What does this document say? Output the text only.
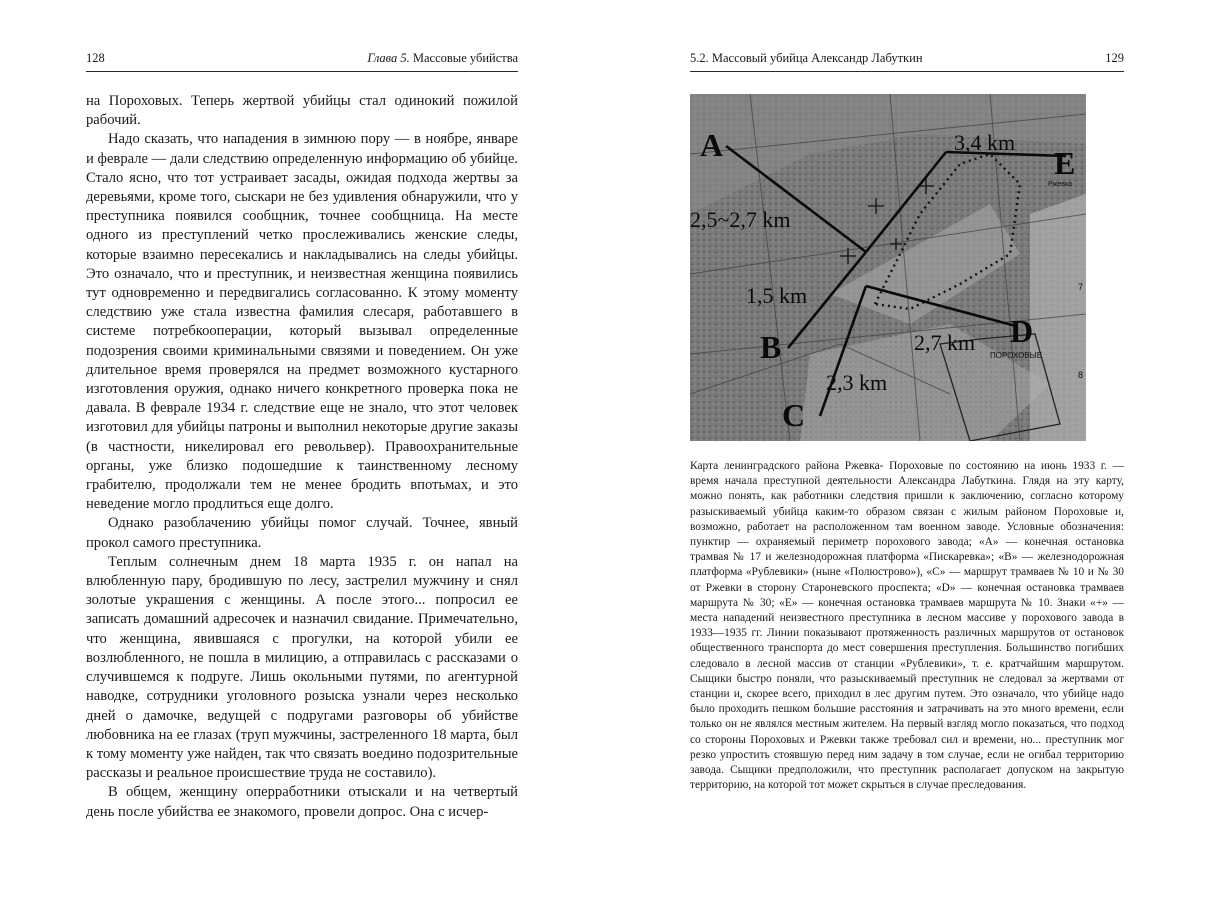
128	Глава 5. Массовые убийства

на Пороховых. Теперь жертвой убийцы стал одинокий пожилой рабочий.

Надо сказать, что нападения в зимнюю пору — в ноябре, январе и феврале — дали следствию определенную информацию об убийце. Стало ясно, что тот устраивает засады, ожидая подхода жертвы за деревьями, кроме того, сыскари не без удивления обнаружили, что у преступника появился сообщник, точнее сообщница. На месте одного из преступлений четко прослеживались женские следы, которые взаимно пересекались и накладывались на следы убийцы. Это означало, что и преступник, и неизвестная женщина появились тут одновременно и передвигались согласованно. К этому моменту следствию уже стала известна фамилия слесаря, работавшего в системе потребкооперации, который вызывал определенные подозрения своими криминальными связями и поведением. Он уже длительное время проверялся на предмет возможного кустарного изготовления оружия, однако ничего конкретного проверка пока не давала. В феврале 1934 г. следствие еще не знало, что этот человек изготовил для убийцы патроны и выполнил некоторые другие заказы (в частности, никелировал его револьвер). Правоохранительные органы, уже близко подошедшие к таинственному лесному грабителю, продолжали тем не менее бродить впотьмах, и это неведение могло продлиться еще долго.

Однако разоблачению убийцы помог случай. Точнее, явный прокол самого преступника.

Теплым солнечным днем 18 марта 1935 г. он напал на влюбленную пару, бродившую по лесу, застрелил мужчину и снял золотые украшения с женщины. А после этого... попросил ее записать домашний адресочек и назначил свидание. Примечательно, что женщина, явившаяся с прогулки, на которой убили ее возлюбленного, не пошла в милицию, а отправилась с рассказами о случившемся к подруге. Лишь окольными путями, по агентурной наводке, сотрудники уголовного розыска узнали через несколько дней о дамочке, ведущей с подругами разговоры об убийстве любовника на ее глазах (труп мужчины, застреленного 18 марта, был к тому моменту уже найден, так что связать воедино подозрительные рассказы и реальное происшествие труда не составило).

В общем, женщину оперработники отыскали и на четвертый день после убийства ее знакомого, провели допрос. Она с исчер-

5.2. Массовый убийца Александр Лабуткин	129
A
B
C
D
E
3,4 km
2,5~2,7 km
1,5 km
2,7 km
2,3 km
ПОРОХОВЫЕ
Ржевка
7
8
Карта ленинградского района Ржевка- Пороховые по состоянию на июнь 1933 г. — время начала преступной деятельности Александра Лабуткина. Глядя на эту карту, можно понять, как работники следствия пришли к заключению, согласно которому разыскиваемый убийца каким-то образом связан с жилым районом Пороховые и, возможно, работает на расположенном там военном заводе. Условные обозначения: пунктир — охраняемый периметр порохового завода; «А» — конечная остановка трамвая № 17 и железнодорожная платформа «Пискаревка»; «В» — железнодорожная платформа «Рублевики» (ныне «Полюстрово»), «С» — маршрут трамваев № 10 и № 30 от Ржевки в сторону Староневского проспекта; «D» — конечная остановка трамваев маршрута № 30; «Е» — конечная остановка трамваев маршрута № 10. Знаки «+» — места нападений неизвестного преступника в лесном массиве у порохового завода в 1933—1935 гг. Линии показывают протяженность различных маршрутов от остановок общественного транспорта до мест совершения преступления. Большинство погибших следовало в лесной массив от станции «Рублевики», т. е. кратчайшим маршрутом. Сыщики быстро поняли, что разыскиваемый преступник не следовал за жертвами от станции и, скорее всего, приходил в лес другим путем. Это означало, что убийце надо было проходить пешком большие расстояния и затрачивать на это много времени, если только он не являлся местным жителем. На первый взгляд могло показаться, что подход со стороны Пороховых и Ржевки также требовал сил и времени, но... преступник мог резко упростить стоявшую перед ним задачу в том случае, если не огибал территорию завода. Сыщики предположили, что преступник располагает допуском на закрытую территорию, на которой тот может скрыться в случае преследования.
